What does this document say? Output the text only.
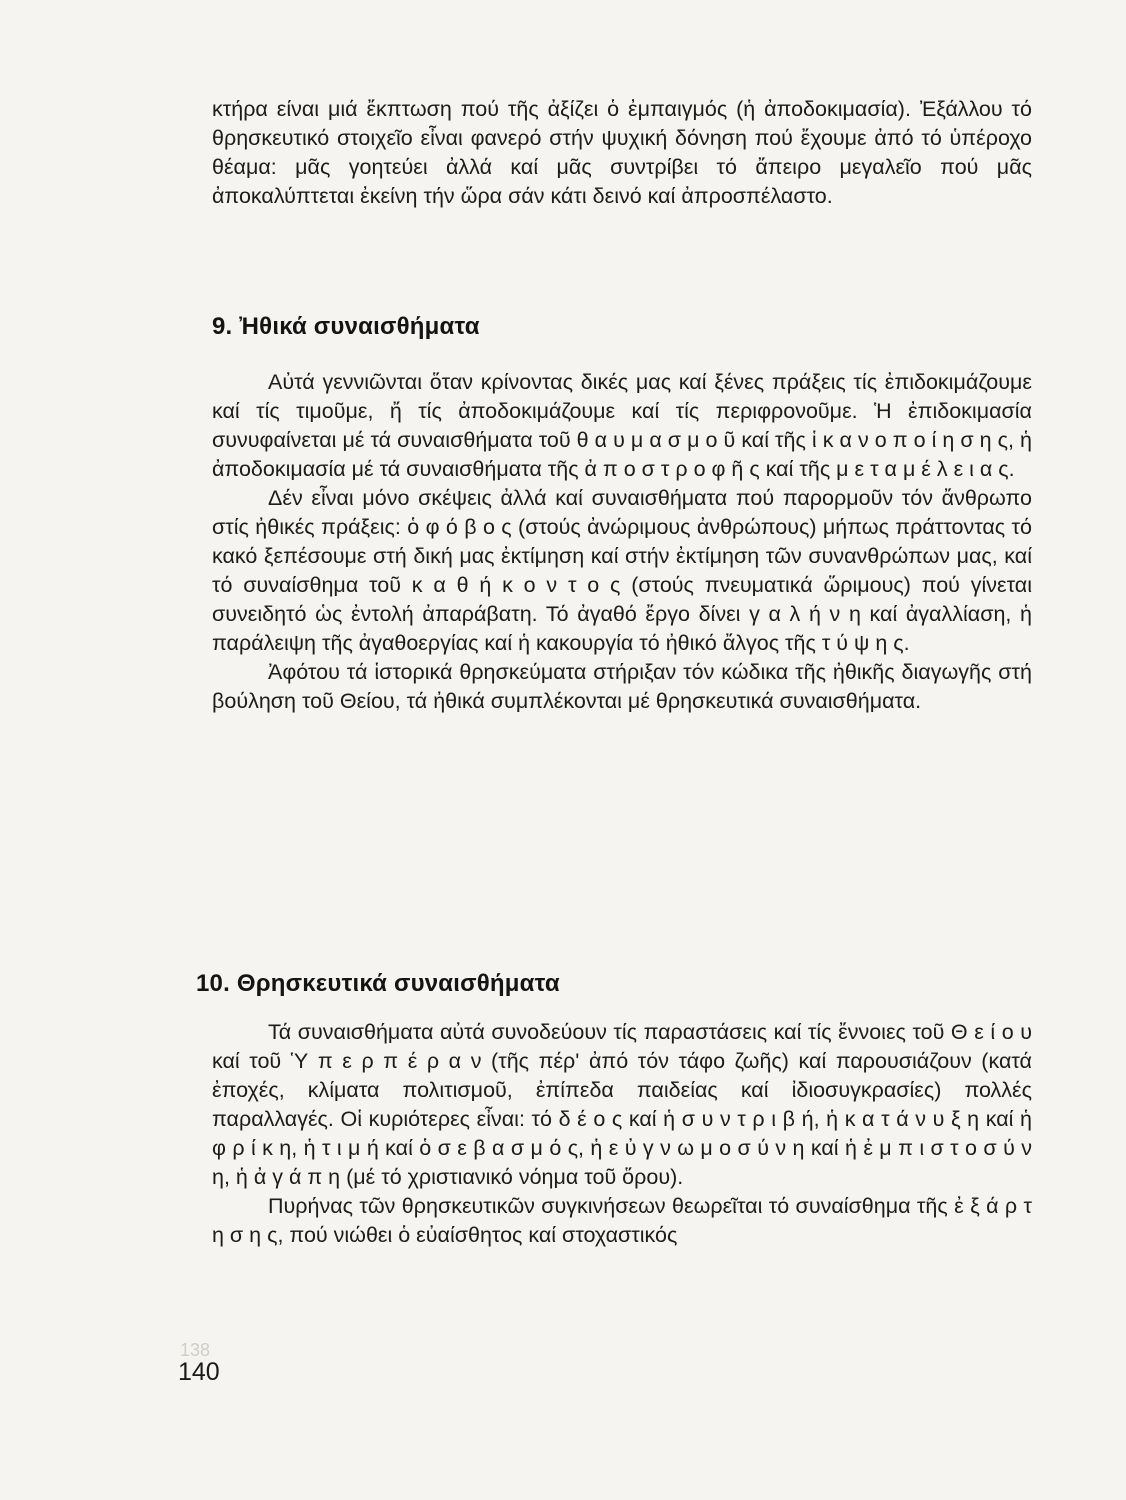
κτήρα είναι μιά ἔκπτωση πού τῆς ἀξίζει ὁ ἐμπαιγμός (ἡ ἀποδοκιμασία). Ἐξάλλου τό θρησκευτικό στοιχεῖο εἶναι φανερό στήν ψυχική δόνηση πού ἔχουμε ἀπό τό ὑπέροχο θέαμα: μᾶς γοητεύει ἀλλά καί μᾶς συντρίβει τό ἄπειρο μεγαλεῖο πού μᾶς ἀποκαλύπτεται ἐκείνη τήν ὥρα σάν κάτι δεινό καί ἀπροσπέλαστο.

9. Ἠθικά συναισθήματα

Αὐτά γεννιῶνται ὅταν κρίνοντας δικές μας καί ξένες πράξεις τίς ἐπιδοκιμάζουμε καί τίς τιμοῦμε, ἤ τίς ἀποδοκιμάζουμε καί τίς περιφρονοῦμε. Ἡ ἐπιδοκιμασία συνυφαίνεται μέ τά συναισθήματα τοῦ θ α υ μ α σ μ ο ῦ καί τῆς ἱ κ α ν ο π ο ί η σ η ς, ἡ ἀποδοκιμασία μέ τά συναισθήματα τῆς ἀ π ο σ τ ρ ο φ ῆ ς καί τῆς μ ε τ α μ έ λ ε ι α ς.

Δέν εἶναι μόνο σκέψεις ἀλλά καί συναισθήματα πού παρορμοῦν τόν ἄνθρωπο στίς ἠθικές πράξεις: ὁ φ ό β ο ς (στούς ἀνώριμους ἀνθρώπους) μήπως πράττοντας τό κακό ξεπέσουμε στή δική μας ἐκτίμηση καί στήν ἐκτίμηση τῶν συνανθρώπων μας, καί τό συναίσθημα τοῦ κ α θ ή κ ο ν τ ο ς (στούς πνευματικά ὥριμους) πού γίνεται συνειδητό ὡς ἐντολή ἀπαράβατη. Τό ἀγαθό ἔργο δίνει γ α λ ή ν η καί ἀγαλλίαση, ἡ παράλειψη τῆς ἀγαθοεργίας καί ἡ κακουργία τό ἠθικό ἄλγος τῆς τ ύ ψ η ς.

Ἀφότου τά ἱστορικά θρησκεύματα στήριξαν τόν κώδικα τῆς ἠθικῆς διαγωγῆς στή βούληση τοῦ Θείου, τά ἠθικά συμπλέκονται μέ θρησκευτικά συναισθήματα.

10. Θρησκευτικά συναισθήματα

Τά συναισθήματα αὐτά συνοδεύουν τίς παραστάσεις καί τίς ἔννοιες τοῦ Θ ε ί ο υ καί τοῦ Ὑ π ε ρ π έ ρ α ν (τῆς πέρ' ἀπό τόν τάφο ζωῆς) καί παρουσιάζουν (κατά ἐποχές, κλίματα πολιτισμοῦ, ἐπίπεδα παιδείας καί ἰδιοσυγκρασίες) πολλές παραλλαγές. Οἱ κυριότερες εἶναι: τό δ έ ο ς καί ἡ σ υ ν τ ρ ι β ή, ἡ κ α τ ά ν υ ξ η καί ἡ φ ρ ί κ η, ἡ τ ι μ ή καί ὁ σ ε β α σ μ ό ς, ἡ ε ὐ γ ν ω μ ο σ ύ ν η καί ἡ ἐ μ π ι σ τ ο σ ύ ν η, ἡ ἀ γ ά π η (μέ τό χριστιανικό νόημα τοῦ ὅρου).

Πυρήνας τῶν θρησκευτικῶν συγκινήσεων θεωρεῖται τό συναίσθημα τῆς ἐ ξ ά ρ τ η σ η ς, πού νιώθει ὁ εὐαίσθητος καί στοχαστικός

138
140
